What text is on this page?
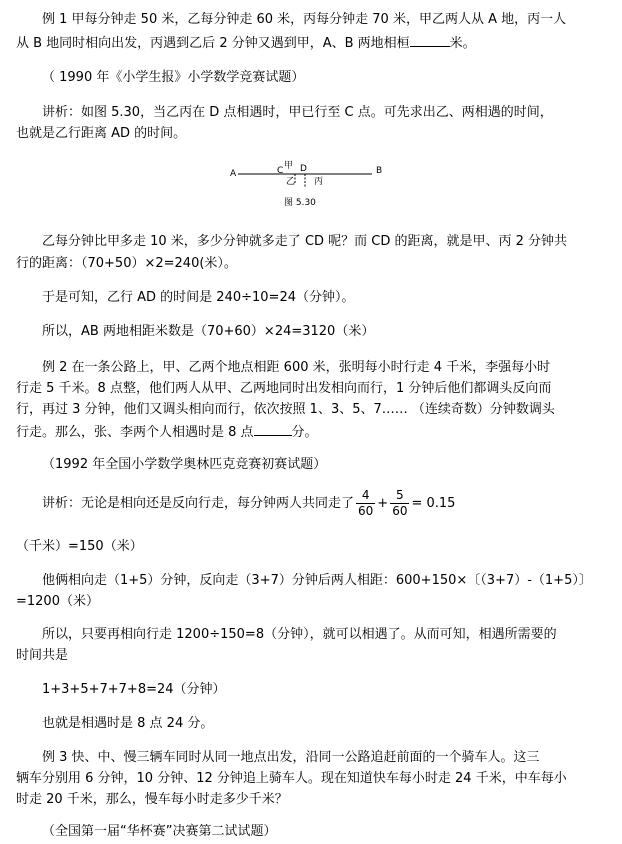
例 1 甲每分钟走 50 米，乙每分钟走 60 米，丙每分钟走 70 米，甲乙两人从 A 地，丙一人
从 B 地同时相向出发，丙遇到乙后 2 分钟又遇到甲，A、B 两地相桓	米。
（ 1990 年《小学生报》小学数学竞赛试题）
讲析：如图 5.30，当乙丙在 D 点相遇时，甲已行至 C 点。可先求出乙、两相遇的时间，
也就是乙行距离 AD 的时间。
A	B
C 甲 D
乙 丙
图 5.30
乙每分钟比甲多走 10 米，多少分钟就多走了 CD 呢？而 CD 的距离，就是甲、丙 2 分钟共
行的距离：（70+50）×2=240(米）。
于是可知，乙行 AD 的时间是 240÷10=24（分钟）。
所以，AB 两地相距米数是（70+60）×24=3120（米）
例 2 在一条公路上，甲、乙两个地点相距 600 米，张明每小时行走 4 千米，李强每小时
行走 5 千米。8 点整，他们两人从甲、乙两地同时出发相向而行，1 分钟后他们都调头反向而
行，再过 3 分钟，他们又调头相向而行，依次按照 1、3、5、7…… （连续奇数）分钟数调头
行走。那么，张、李两个人相遇时是 8 点	分。
（1992 年全国小学数学奥林匹克竞赛初赛试题）
讲析：无论是相向还是反向行走，每分钟两人共同走了 $\frac{4}{60} + \frac{5}{60} = 0.15$
（千米）=150（米）
他俩相向走（1+5）分钟，反向走（3+7）分钟后两人相距：600+150×〔（3+7）-（1+5）〕
=1200（米）
所以，只要再相向行走 1200÷150=8（分钟），就可以相遇了。从而可知，相遇所需要的
时间共是
1+3+5+7+7+8=24（分钟）
也就是相遇时是 8 点 24 分。
例 3 快、中、慢三辆车同时从同一地点出发，沿同一公路追赶前面的一个骑车人。这三
辆车分别用 6 分钟，10 分钟、12 分钟追上骑车人。现在知道快车每小时走 24 千米，中车每小
时走 20 千米，那么，慢车每小时走多少千米？
（全国第一届“华杯赛”决赛第二试试题）
